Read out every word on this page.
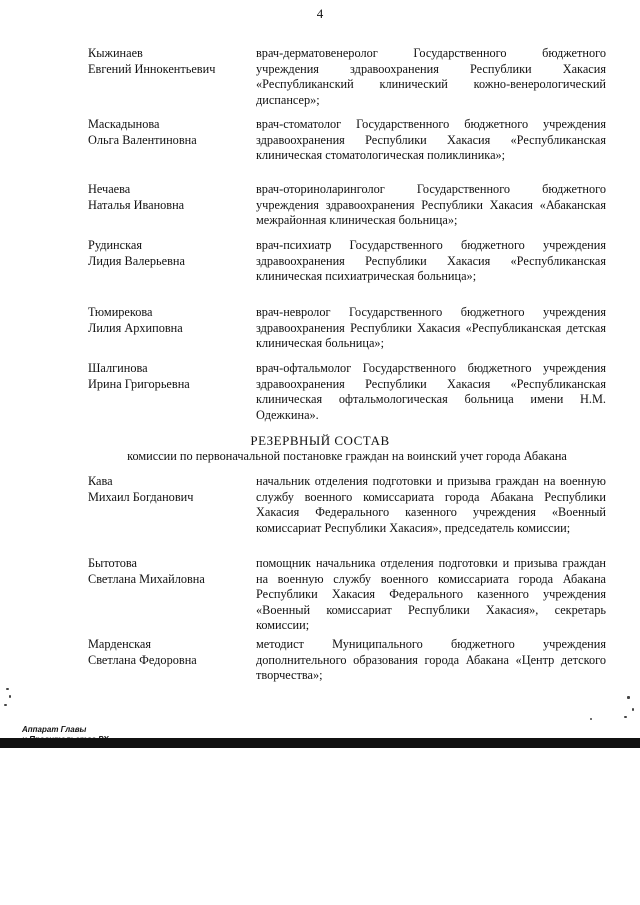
4
Кыжинаев
Евгений Иннокентьевич
врач-дерматовенеролог Государственного бюджетного учреждения здравоохранения Республики Хакасия «Республиканский клинический кожно-венерологический диспансер»;
Маскадынова
Ольга Валентиновна
врач-стоматолог Государственного бюджетного учреждения здравоохранения Республики Хакасия «Республиканская клиническая стоматологическая поликлиника»;
Нечаева
Наталья Ивановна
врач-оториноларинголог Государственного бюджетного учреждения здравоохранения Республики Хакасия «Абаканская межрайонная клиническая больница»;
Рудинская
Лидия Валерьевна
врач-психиатр Государственного бюджетного учреждения здравоохранения Республики Хакасия «Республиканская клиническая психиатрическая больница»;
Тюмирекова
Лилия Архиповна
врач-невролог Государственного бюджетного учреждения здравоохранения Республики Хакасия «Республиканская детская клиническая больница»;
Шалгинова
Ирина Григорьевна
врач-офтальмолог Государственного бюджетного учреждения здравоохранения Республики Хакасия «Республиканская клиническая офтальмологическая больница имени Н.М. Одежкина».
РЕЗЕРВНЫЙ СОСТАВ
комиссии по первоначальной постановке граждан на воинский учет города Абакана
Кава
Михаил Богданович
начальник отделения подготовки и призыва граждан на военную службу военного комиссариата города Абакана Республики Хакасия Федерального казенного учреждения «Военный комиссариат Республики Хакасия», председатель комиссии;
Бытотова
Светлана Михайловна
помощник начальника отделения подготовки и призыва граждан на военную службу военного комиссариата города Абакана Республики Хакасия Федерального казенного учреждения «Военный комиссариат Республики Хакасия», секретарь комиссии;
Марденская
Светлана Федоровна
методист Муниципального бюджетного учреждения дополнительного образования города Абакана «Центр детского творчества»;
Аппарат Главы
